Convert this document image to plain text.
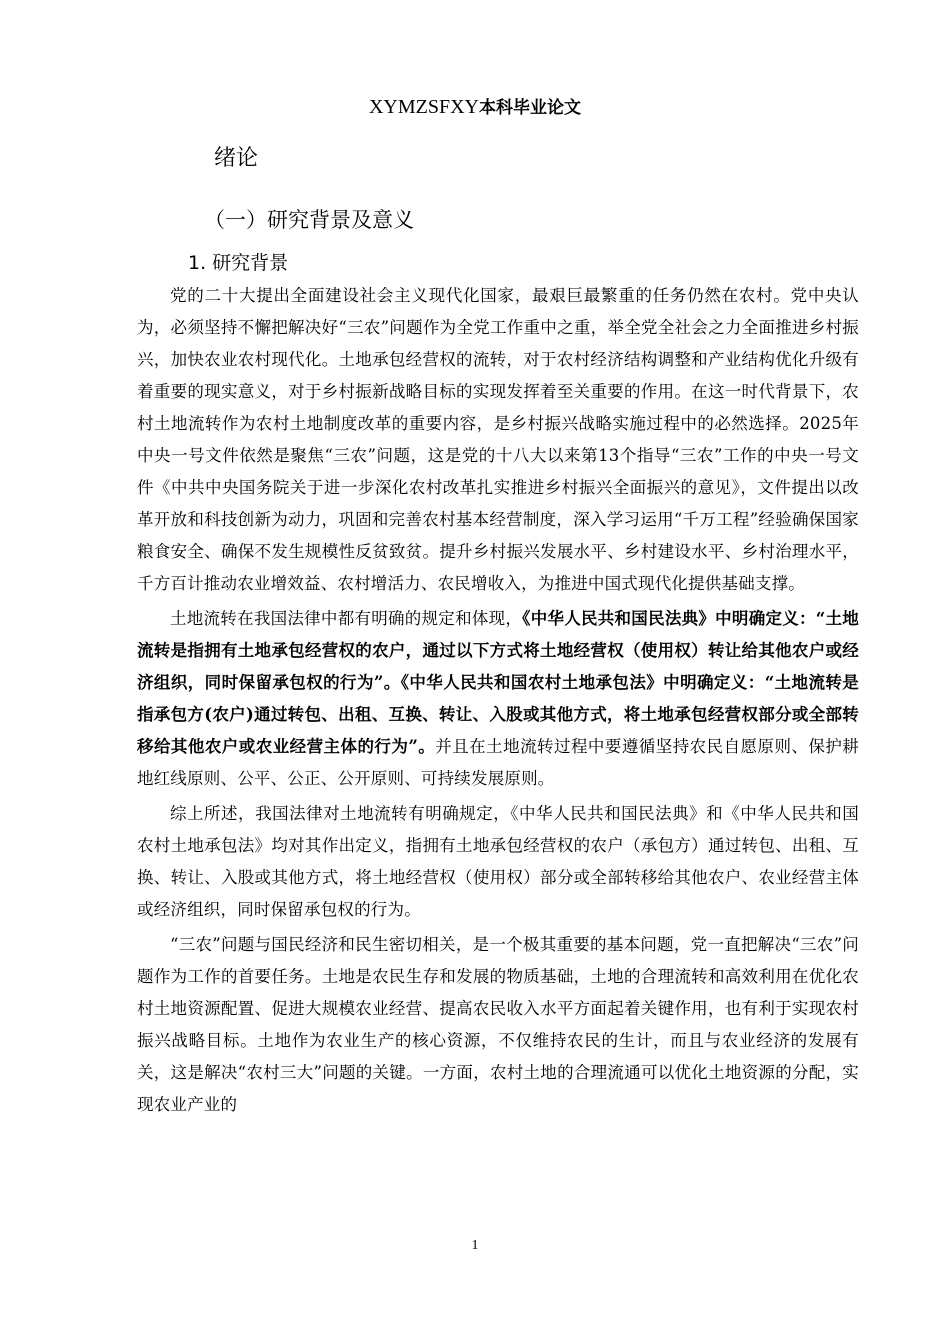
XYMZSFXY本科毕业论文
绪论
（一）研究背景及意义
1. 研究背景

党的二十大提出全面建设社会主义现代化国家，最艰巨最繁重的任务仍然在农村。党中央认为，必须坚持不懈把解决好“三农”问题作为全党工作重中之重，举全党全社会之力全面推进乡村振兴，加快农业农村现代化。土地承包经营权的流转，对于农村经济结构调整和产业结构优化升级有着重要的现实意义，对于乡村振新战略目标的实现发挥着至关重要的作用。在这一时代背景下，农村土地流转作为农村土地制度改革的重要内容，是乡村振兴战略实施过程中的必然选择。2025年中央一号文件依然是聚焦“三农”问题，这是党的十八大以来第13个指导“三农”工作的中央一号文件《中共中央国务院关于进一步深化农村改革扎实推进乡村振兴全面振兴的意见》，文件提出以改革开放和科技创新为动力，巩固和完善农村基本经营制度，深入学习运用“千万工程”经验确保国家粮食安全、确保不发生规模性反贫致贫。提升乡村振兴发展水平、乡村建设水平、乡村治理水平，千方百计推动农业增效益、农村增活力、农民增收入，为推进中国式现代化提供基础支撑。

土地流转在我国法律中都有明确的规定和体现，《中华人民共和国民法典》中明确定义：“土地流转是指拥有土地承包经营权的农户，通过以下方式将土地经营权（使用权）转让给其他农户或经济组织，同时保留承包权的行为”。《中华人民共和国农村土地承包法》中明确定义：“土地流转是指承包方(农户)通过转包、出租、互换、转让、入股或其他方式，将土地承包经营权部分或全部转移给其他农户或农业经营主体的行为”。并且在土地流转过程中要遵循坚持农民自愿原则、保护耕地红线原则、公平、公正、公开原则、可持续发展原则。

综上所述，我国法律对土地流转有明确规定，《中华人民共和国民法典》和《中华人民共和国农村土地承包法》均对其作出定义，指拥有土地承包经营权的农户（承包方）通过转包、出租、互换、转让、入股或其他方式，将土地经营权（使用权）部分或全部转移给其他农户、农业经营主体或经济组织，同时保留承包权的行为。

“三农”问题与国民经济和民生密切相关，是一个极其重要的基本问题，党一直把解决“三农”问题作为工作的首要任务。土地是农民生存和发展的物质基础，土地的合理流转和高效利用在优化农村土地资源配置、促进大规模农业经营、提高农民收入水平方面起着关键作用，也有利于实现农村振兴战略目标。土地作为农业生产的核心资源，不仅维持农民的生计，而且与农业经济的发展有关，这是解决“农村三大”问题的关键。一方面，农村土地的合理流通可以优化土地资源的分配，实现农业产业的

1
